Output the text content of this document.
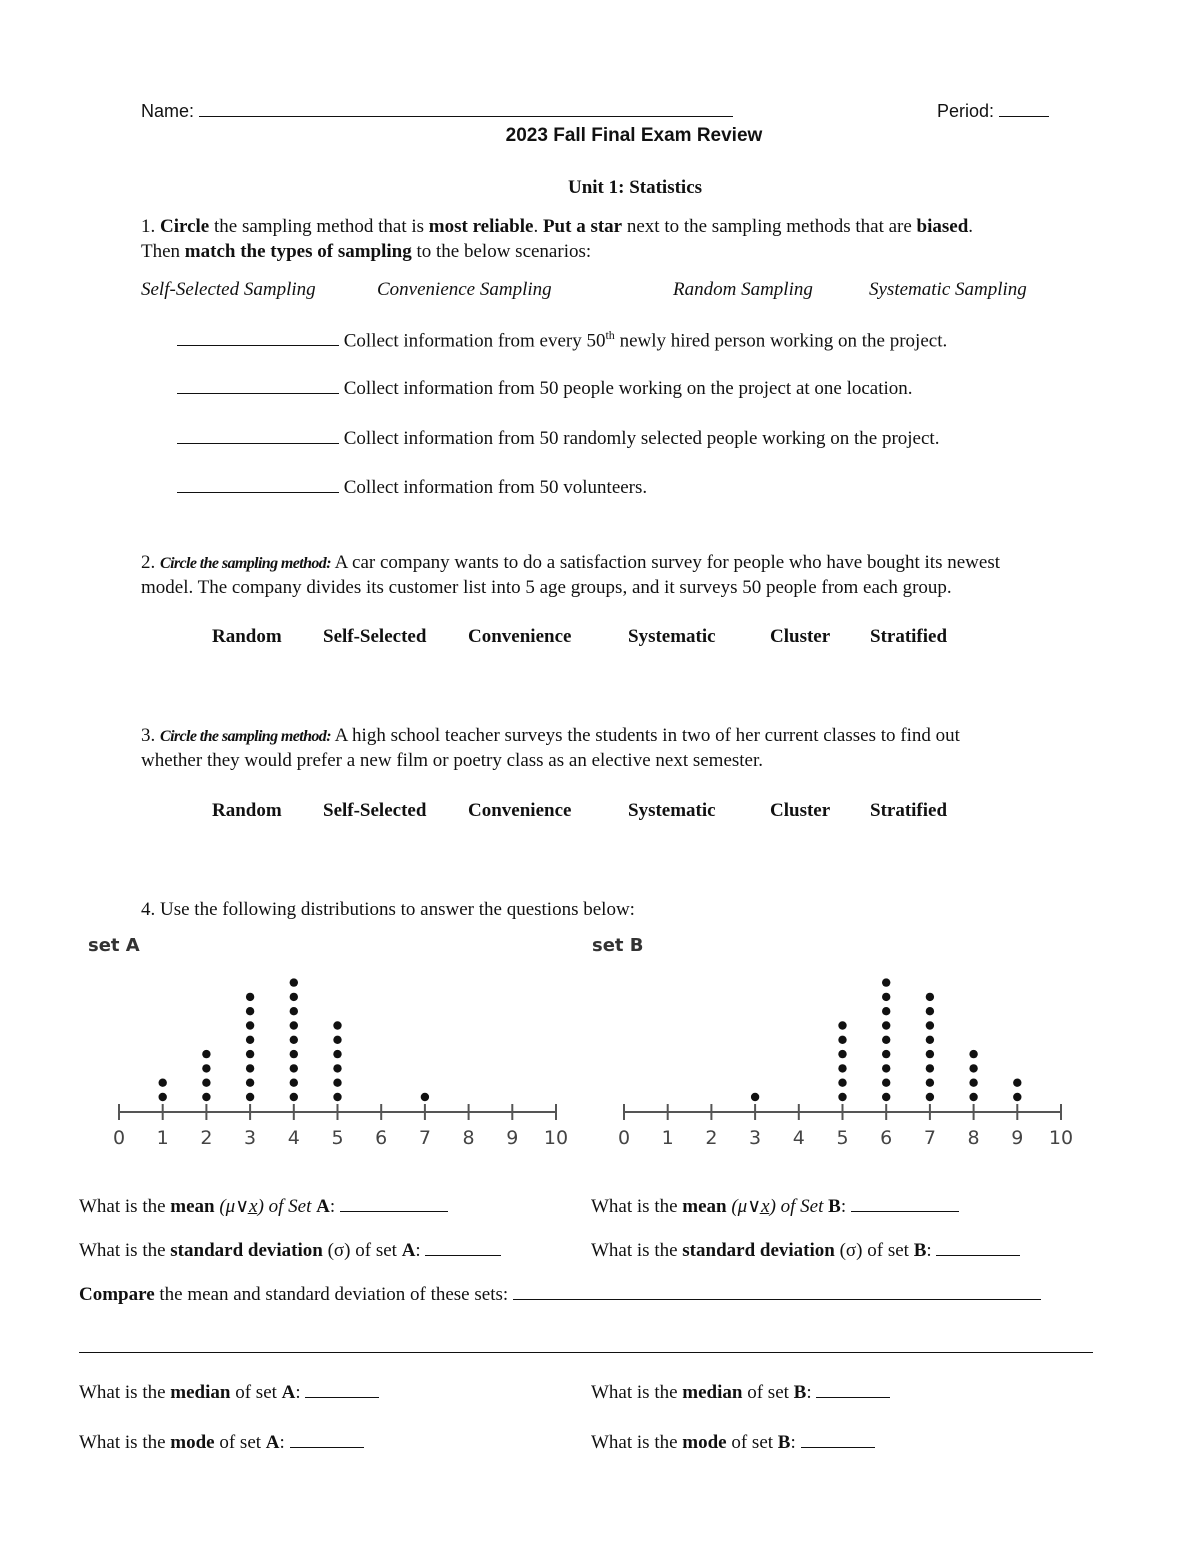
Name:	Period:
2023 Fall Final Exam Review
Unit 1: Statistics
1. Circle the sampling method that is most reliable. Put a star next to the sampling methods that are biased.
Then match the types of sampling to the below scenarios:
Self-Selected Sampling	Convenience Sampling	Random Sampling	Systematic Sampling
Collect information from every 50th newly hired person working on the project.
Collect information from 50 people working on the project at one location.
Collect information from 50 randomly selected people working on the project.
Collect information from 50 volunteers.
2. Circle the sampling method: A car company wants to do a satisfaction survey for people who have bought its newest
model. The company divides its customer list into 5 age groups, and it surveys 50 people from each group.
Random Self-Selected Convenience	Systematic	Cluster Stratified
3. Circle the sampling method: A high school teacher surveys the students in two of her current classes to find out
whether they would prefer a new film or poetry class as an elective next semester.
Random Self-Selected Convenience	Systematic	Cluster Stratified
4. Use the following distributions to answer the questions below:
set A	set B
0 1 2 3 4 5 6 7 8 9 10	0 1 2 3 4 5 6 7 8 9 10
What is the mean (μ∨x̲) of Set A:	What is the mean (μ∨x̲) of Set B:
What is the standard deviation (σ) of set A:	What is the standard deviation (σ) of set B:
Compare the mean and standard deviation of these sets:
What is the median of set A:	What is the median of set B:
What is the mode of set A:	What is the mode of set B:
